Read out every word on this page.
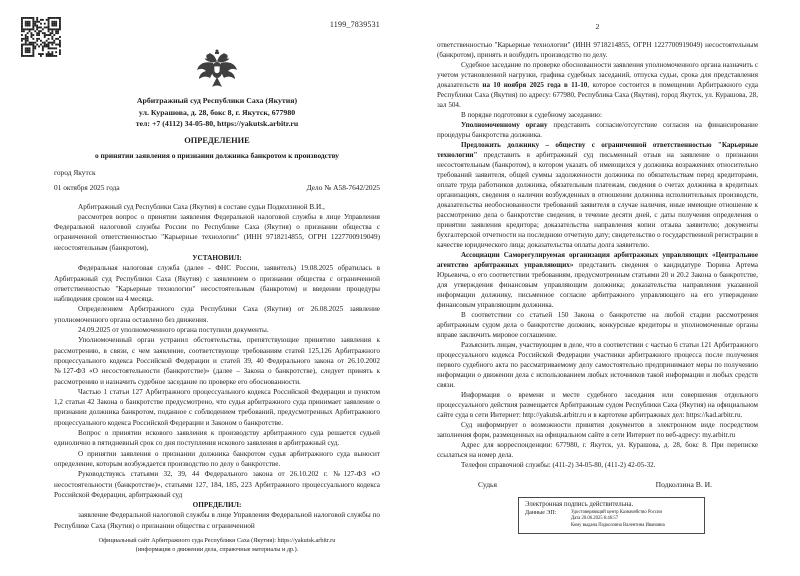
1199_7839531
Арбитражный суд Республики Саха (Якутия)
ул. Курашова, д. 28, бокс 8, г. Якутск, 677980
тел: +7 (4112) 34-05-80, https://yakutsk.arbitr.ru
ОПРЕДЕЛЕНИЕ
о принятии заявления о признании должника банкротом к производству
город Якутск
01 октября 2025 года	Дело № А58-7642/2025

Арбитражный суд Республики Саха (Якутия) в составе судьи Подколзиной В.И.,

рассмотрев вопрос о принятии заявления Федеральной налоговой службы в лице Управления Федеральной налоговой службы России по Республике Саха (Якутия) о признании общества с ограниченной ответственностью "Карьерные технологии" (ИНН 9718214855, ОГРН 1227700919049) несостоятельным (банкротом),

УСТАНОВИЛ:

Федеральная налоговая служба (далее - ФНС России, заявитель) 19.08.2025 обратилась в Арбитражный суд Республики Саха (Якутия) с заявлением о признании общества с ограниченной ответственностью "Карьерные технологии" несостоятельным (банкротом) и введении процедуры наблюдения сроком на 4 месяца.

Определением Арбитражного суда Республики Саха (Якутия) от 26.08.2025 заявление уполномоченного органа оставлено без движения.

24.09.2025 от уполномоченного органа поступили документы.

Уполномоченный орган устранил обстоятельства, препятствующие принятию заявления к рассмотрению, в связи, с чем заявление, соответствующе требованиям статей 125,126 Арбитражного процессуального кодекса Российской Федерации и статей 39, 40 Федерального закона от 26.10.2002 №127-ФЗ «О несостоятельности (банкротстве)» (далее – Закона о банкротстве), следует принять к рассмотрению и назначить судебное заседание по проверке его обоснованности.

Частью 1 статьи 127 Арбитражного процессуального кодекса Российской Федерации и пунктом 1,2 статьи 42 Закона о банкротстве предусмотрено, что судья арбитражного суда принимает заявление о признании должника банкротом, поданное с соблюдением требований, предусмотренных Арбитражного процессуального кодекса Российской Федерации и Законом о банкротстве.

Вопрос о принятии искового заявления к производству арбитражного суда решается судьей единолично в пятидневный срок со дня поступления искового заявления в арбитражный суд.

О принятии заявления о признании должника банкротом судья арбитражного суда выносит определение, которым возбуждается производство по делу о банкротстве.

Руководствуясь статьями 32, 39, 44 Федерального закона от 26.10.202 г. №127-ФЗ «О несостоятельности (банкротстве)», статьями 127, 184, 185, 223 Арбитражного процессуального кодекса Российской Федерации, арбитражный суд

ОПРЕДЕЛИЛ:

заявление Федеральной налоговой службы в лице Управления Федеральной налоговой службы по Республике Саха (Якутия) о признании общества с ограниченной

Официальный сайт Арбитражного суда Республики Саха (Якутия): https://yakutsk.arbitr.ru
(информация о движении дела, справочные материалы и др.).
2

ответственностью "Карьерные технологии" (ИНН 9718214855, ОГРН 1227700919049) несостоятельным (банкротом), принять и возбудить производство по делу.

Судебное заседание по проверке обоснованности заявления уполномоченного органа назначить с учетом установленной нагрузки, графика судебных заседаний, отпуска судьи, срока для представления доказательств на 10 ноября 2025 года в 11-10, которое состоится в помещении Арбитражного суда Республики Саха (Якутия) по адресу: 677980, Республика Саха (Якутия), город Якутск, ул. Курашова, 28, зал 504.

В порядке подготовки к судебному заседанию:

Уполномоченному органу представить согласие/отсутствие согласия на финансирование процедуры банкротства должника.

Предложить должнику – обществу с ограниченной ответственностью "Карьерные технологии" представить в арбитражный суд письменный отзыв на заявление о признании несостоятельным (банкротом), в котором указать об имеющихся у должника возражениях относительно требований заявителя, общей суммы задолженности должника по обязательствам перед кредиторами, оплате труда работников должника, обязательным платежам, сведения о счетах должника в кредитных организациях, сведения о наличии возбужденных в отношении должника исполнительных производств, доказательства необоснованности требований заявителя в случае наличия, иные имеющие отношение к рассмотрению дела о банкротстве сведения, в течение десяти дней, с даты получения определения о принятии заявления кредитора; доказательства направления копии отзыва заявителю; документы бухгалтерской отчетности на последнюю отчетную дату; свидетельство о государственной регистрации в качестве юридического лица; доказательства оплаты долга заявителю.

Ассоциации Саморегулируемая организация арбитражных управляющих «Центральное агентство арбитражных управляющих» представить сведения о кандидатуре Тюрина Артема Юрьевича, о его соответствии требованиям, предусмотренным статьями 20 и 20.2 Закона о банкротстве, для утверждения финансовым управляющим должника; доказательства направления указанной информации должнику, письменное согласие арбитражного управляющего на его утверждение финансовым управляющим должника.

В соответствии со статьей 150 Закона о банкротстве на любой стадии рассмотрения арбитражным судом дела о банкротстве должник, конкурсные кредиторы и уполномоченные органы вправе заключить мировое соглашение.

Разъяснить лицам, участвующим в деле, что в соответствии с частью 6 статьи 121 Арбитражного процессуального кодекса Российской Федерации участники арбитражного процесса после получения первого судебного акта по рассматриваемому делу самостоятельно предпринимают меры по получению информации о движении дела с использованием любых источников такой информации и любых средств связи.

Информация о времени и месте судебного заседания или совершения отдельного процессуального действия размещается Арбитражным судом Республики Саха (Якутия) на официальном сайте суда в сети Интернет: http://yakutsk.arbitr.ru и в картотеке арбитражных дел: https://kad.arbitr.ru.

Суд информирует о возможности принятия документов в электронном виде посредством заполнения форм, размещенных на официальном сайте в сети Интернет по веб-адресу: my.arbitr.ru

Адрес для корреспонденции: 677980, г. Якутск, ул. Курашова, д. 28, бокс 8. При переписке ссылаться на номер дела.

Телефон справочной службы: (411-2) 34-05-80, (411-2) 42-05-32.

Судья	Подколзина В. И.
Электронная подпись действительна.
Данные ЭП:	Удостоверяющий центр Казначейство России
Дата 20.06.2025 6:46:57
Кому выдана Подколзина Валентина Ивановна
